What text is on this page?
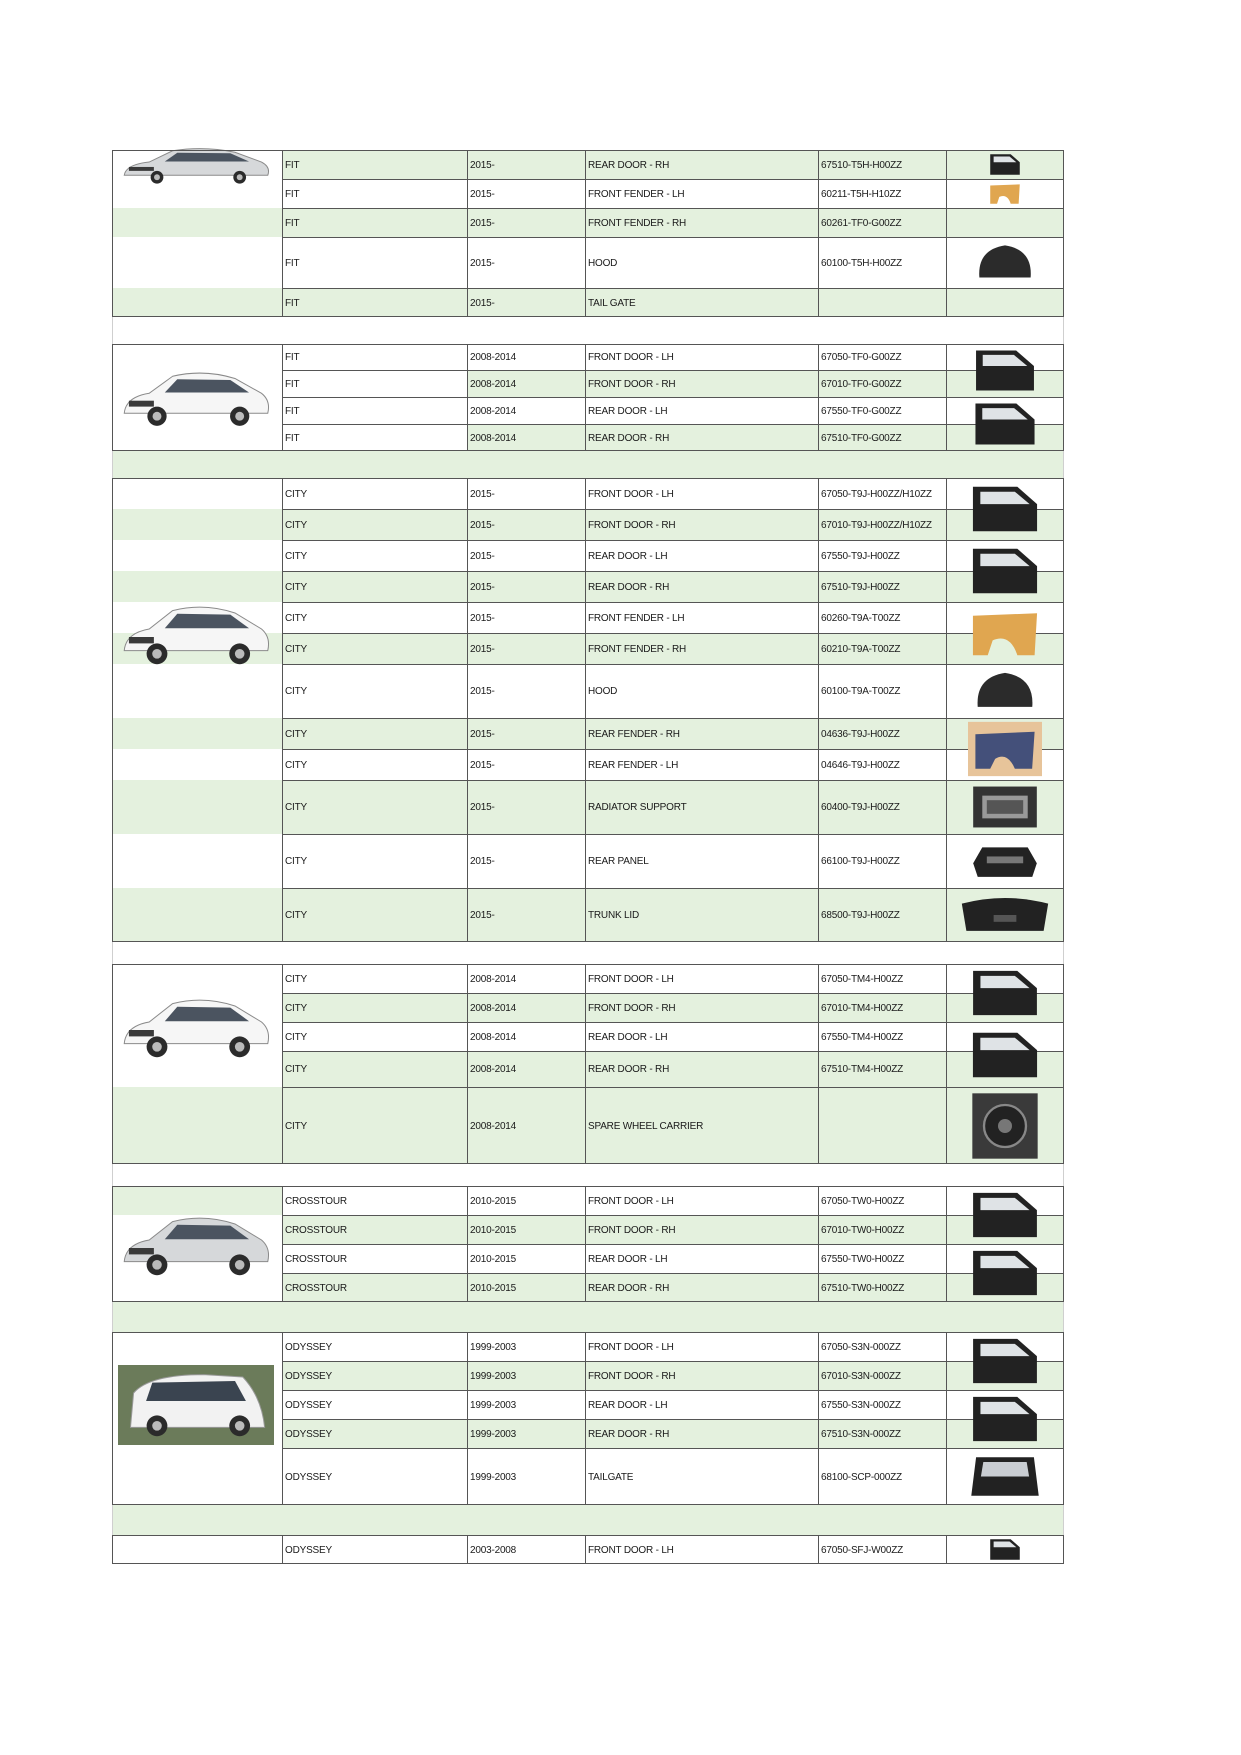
FIT	2015-	REAR DOOR - RH	67510-T5H-H00ZZ
FIT	2015-	FRONT FENDER - LH	60211-T5H-H10ZZ
FIT	2015-	FRONT FENDER - RH	60261-TF0-G00ZZ
FIT	2015-	HOOD	60100-T5H-H00ZZ
FIT	2015-	TAIL GATE
FIT	2008-2014	FRONT DOOR - LH	67050-TF0-G00ZZ
FIT	2008-2014	FRONT DOOR - RH	67010-TF0-G00ZZ
FIT	2008-2014	REAR DOOR - LH	67550-TF0-G00ZZ
FIT	2008-2014	REAR DOOR - RH	67510-TF0-G00ZZ
CITY	2015-	FRONT DOOR - LH	67050-T9J-H00ZZ/H10ZZ
CITY	2015-	FRONT DOOR - RH	67010-T9J-H00ZZ/H10ZZ
CITY	2015-	REAR DOOR - LH	67550-T9J-H00ZZ
CITY	2015-	REAR DOOR - RH	67510-T9J-H00ZZ
CITY	2015-	FRONT FENDER - LH	60260-T9A-T00ZZ
CITY	2015-	FRONT FENDER - RH	60210-T9A-T00ZZ
CITY	2015-	HOOD	60100-T9A-T00ZZ
CITY	2015-	REAR FENDER - RH	04636-T9J-H00ZZ
CITY	2015-	REAR FENDER - LH	04646-T9J-H00ZZ
CITY	2015-	RADIATOR SUPPORT	60400-T9J-H00ZZ
CITY	2015-	REAR PANEL	66100-T9J-H00ZZ
CITY	2015-	TRUNK LID	68500-T9J-H00ZZ
CITY	2008-2014	FRONT DOOR - LH	67050-TM4-H00ZZ
CITY	2008-2014	FRONT DOOR - RH	67010-TM4-H00ZZ
CITY	2008-2014	REAR DOOR - LH	67550-TM4-H00ZZ
CITY	2008-2014	REAR DOOR - RH	67510-TM4-H00ZZ
CITY	2008-2014	SPARE WHEEL CARRIER
CROSSTOUR	2010-2015	FRONT DOOR - LH	67050-TW0-H00ZZ
CROSSTOUR	2010-2015	FRONT DOOR - RH	67010-TW0-H00ZZ
CROSSTOUR	2010-2015	REAR DOOR - LH	67550-TW0-H00ZZ
CROSSTOUR	2010-2015	REAR DOOR - RH	67510-TW0-H00ZZ
ODYSSEY	1999-2003	FRONT DOOR - LH	67050-S3N-000ZZ
ODYSSEY	1999-2003	FRONT DOOR - RH	67010-S3N-000ZZ
ODYSSEY	1999-2003	REAR DOOR - LH	67550-S3N-000ZZ
ODYSSEY	1999-2003	REAR DOOR - RH	67510-S3N-000ZZ
ODYSSEY	1999-2003	TAILGATE	68100-SCP-000ZZ
ODYSSEY	2003-2008	FRONT DOOR - LH	67050-SFJ-W00ZZ
